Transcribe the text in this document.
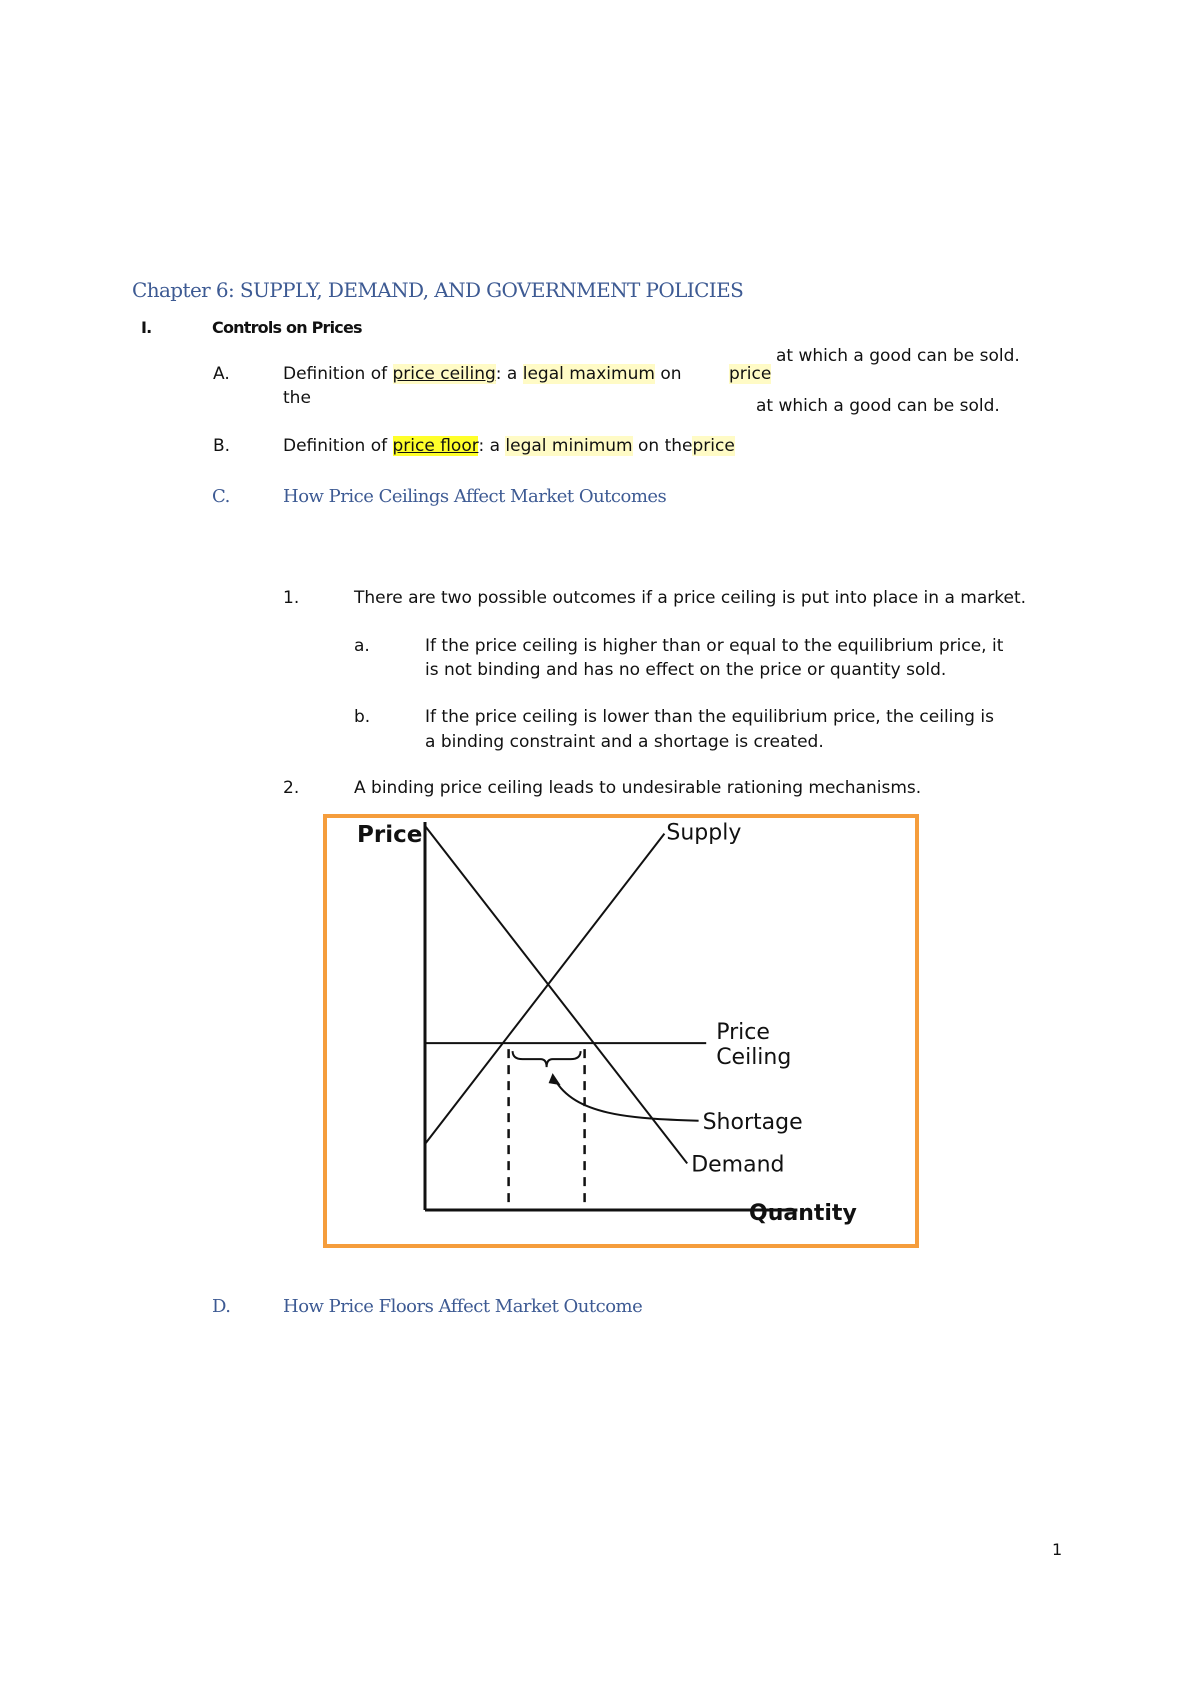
Chapter 6: SUPPLY, DEMAND, AND GOVERNMENT POLICIES
I.	Controls on Prices
A.	Definition of price ceiling: a legal maximum on
the
price
at which a good can be sold.
at which a good can be sold.
B.	Definition of price floor: a legal minimum on theprice
C.	How Price Ceilings Affect Market Outcomes
1.	There are two possible outcomes if a price ceiling is put into place in a market.
a.	If the price ceiling is higher than or equal to the equilibrium price, it
is not binding and has no effect on the price or quantity sold.
b.	If the price ceiling is lower than the equilibrium price, the ceiling is
a binding constraint and a shortage is created.
2.	A binding price ceiling leads to undesirable rationing mechanisms.
Price
Quantity
Supply
Price
Ceiling
Shortage
Demand
D.	How Price Floors Affect Market Outcome
1
